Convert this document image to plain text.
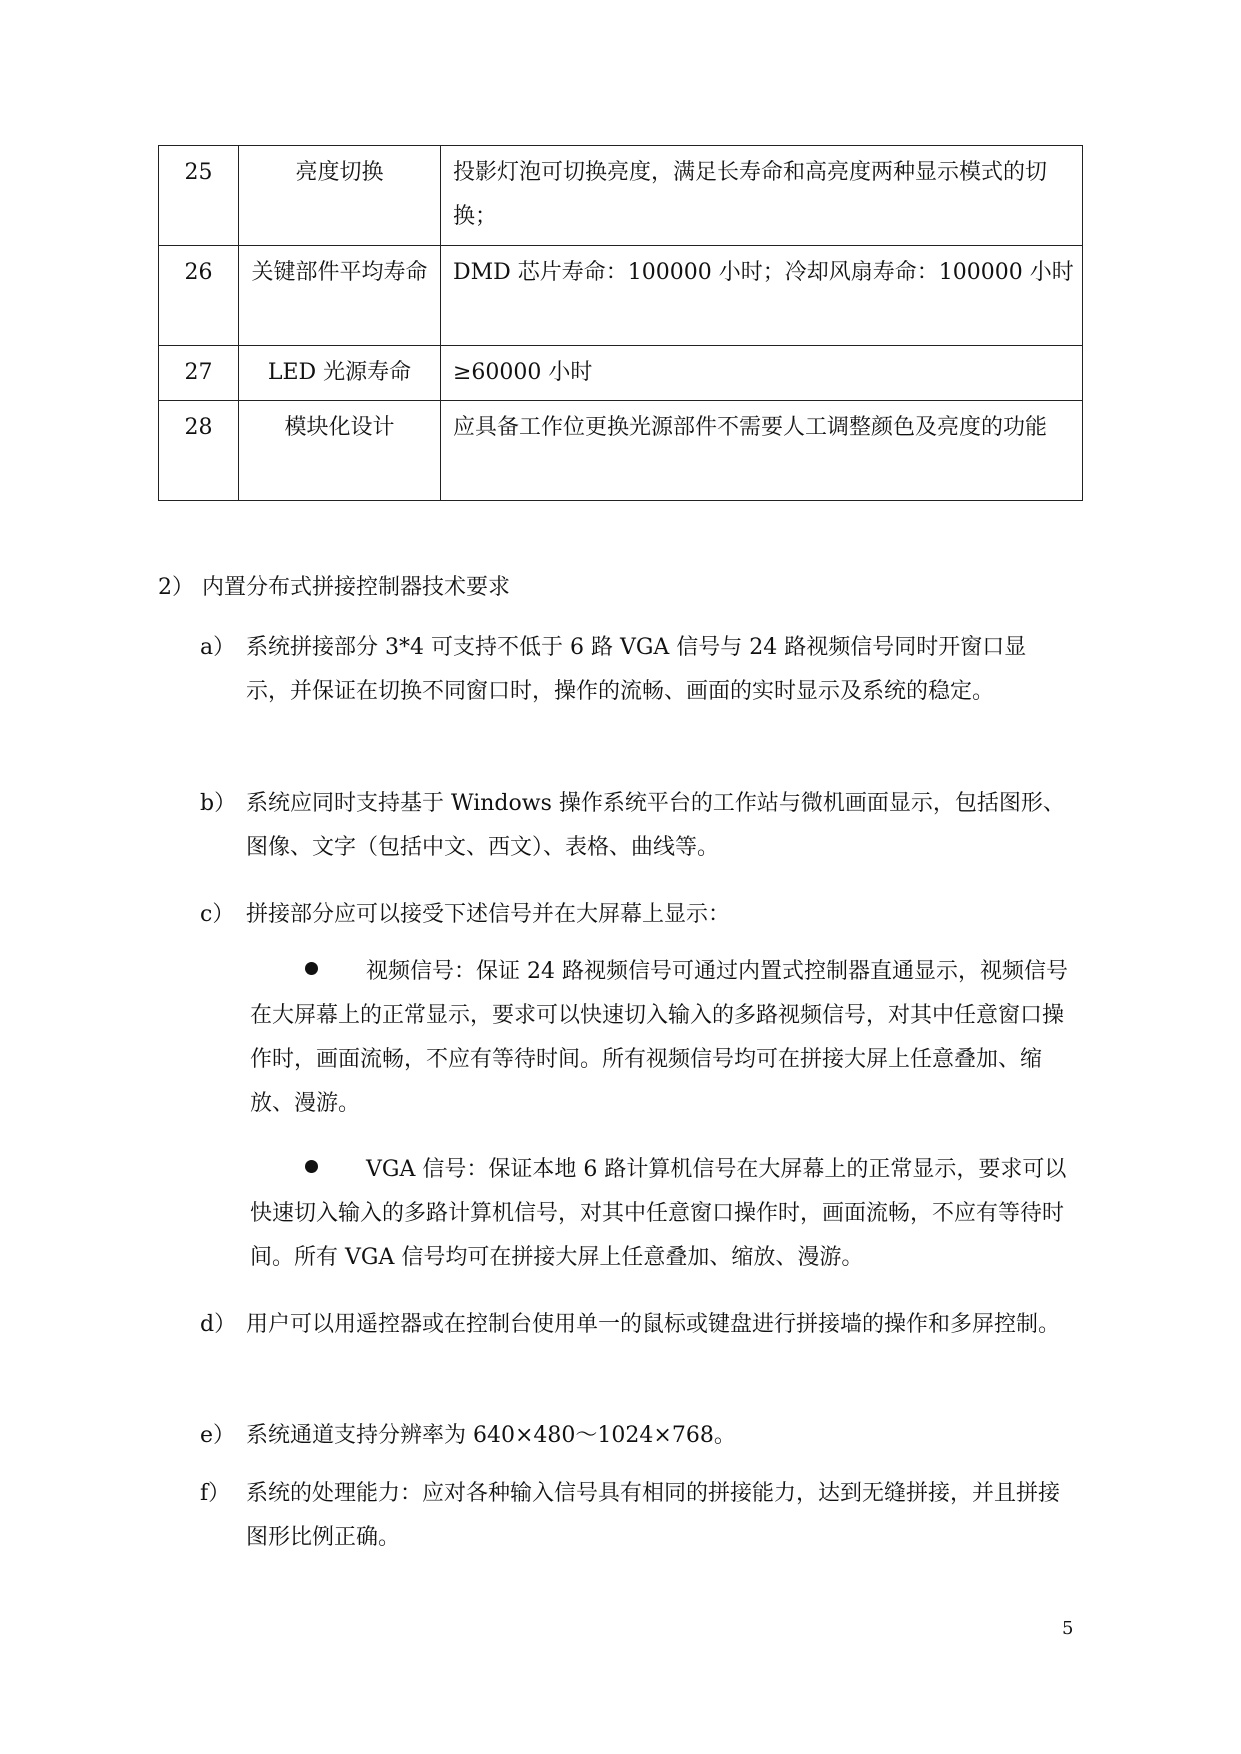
25	亮度切换	投影灯泡可切换亮度，满足长寿命和高亮度两种显示模式的切换；
26	关键部件平均寿命	DMD 芯片寿命：100000 小时；冷却风扇寿命：100000 小时
27	LED 光源寿命	≥60000 小时
28	模块化设计	应具备工作位更换光源部件不需要人工调整颜色及亮度的功能
2） 内置分布式拼接控制器技术要求
a） 系统拼接部分 3*4 可支持不低于 6 路 VGA 信号与 24 路视频信号同时开窗口显示，并保证在切换不同窗口时，操作的流畅、画面的实时显示及系统的稳定。
b） 系统应同时支持基于 Windows 操作系统平台的工作站与微机画面显示，包括图形、图像、文字（包括中文、西文）、表格、曲线等。
c） 拼接部分应可以接受下述信号并在大屏幕上显示：
视频信号：保证 24 路视频信号可通过内置式控制器直通显示，视频信号在大屏幕上的正常显示，要求可以快速切入输入的多路视频信号，对其中任意窗口操作时，画面流畅，不应有等待时间。所有视频信号均可在拼接大屏上任意叠加、缩放、漫游。
VGA 信号：保证本地 6 路计算机信号在大屏幕上的正常显示，要求可以快速切入输入的多路计算机信号，对其中任意窗口操作时，画面流畅，不应有等待时间。所有 VGA 信号均可在拼接大屏上任意叠加、缩放、漫游。
d） 用户可以用遥控器或在控制台使用单一的鼠标或键盘进行拼接墙的操作和多屏控制。
e） 系统通道支持分辨率为 640×480～1024×768。
f） 系统的处理能力：应对各种输入信号具有相同的拼接能力，达到无缝拼接，并且拼接图形比例正确。
5
